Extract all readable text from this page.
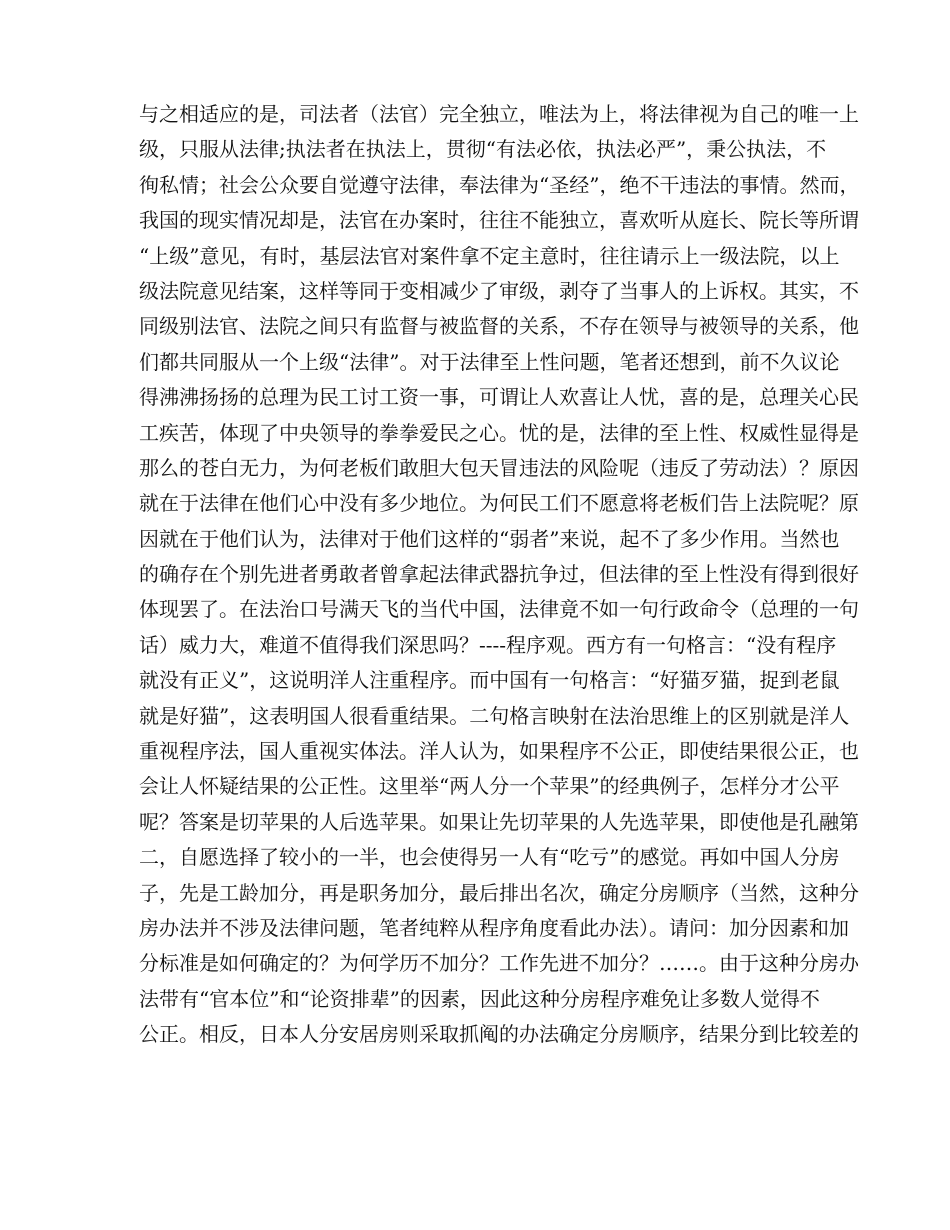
与之相适应的是，司法者（法官）完全独立，唯法为上，将法律视为自己的唯一上
级，只服从法律;执法者在执法上，贯彻“有法必依，执法必严”，秉公执法，不
徇私情；社会公众要自觉遵守法律，奉法律为“圣经”，绝不干违法的事情。然而，
我国的现实情况却是，法官在办案时，往往不能独立，喜欢听从庭长、院长等所谓
“上级”意见，有时，基层法官对案件拿不定主意时，往往请示上一级法院，以上
级法院意见结案，这样等同于变相减少了审级，剥夺了当事人的上诉权。其实，不
同级别法官、法院之间只有监督与被监督的关系，不存在领导与被领导的关系，他
们都共同服从一个上级“法律”。对于法律至上性问题，笔者还想到，前不久议论
得沸沸扬扬的总理为民工讨工资一事，可谓让人欢喜让人忧，喜的是，总理关心民
工疾苦，体现了中央领导的拳拳爱民之心。忧的是，法律的至上性、权威性显得是
那么的苍白无力，为何老板们敢胆大包天冒违法的风险呢（违反了劳动法）？原因
就在于法律在他们心中没有多少地位。为何民工们不愿意将老板们告上法院呢？原
因就在于他们认为，法律对于他们这样的“弱者”来说，起不了多少作用。当然也
的确存在个别先进者勇敢者曾拿起法律武器抗争过，但法律的至上性没有得到很好
体现罢了。在法治口号满天飞的当代中国，法律竟不如一句行政命令（总理的一句
话）威力大，难道不值得我们深思吗？----程序观。西方有一句格言：“没有程序
就没有正义”，这说明洋人注重程序。而中国有一句格言：“好猫歹猫，捉到老鼠
就是好猫”，这表明国人很看重结果。二句格言映射在法治思维上的区别就是洋人
重视程序法，国人重视实体法。洋人认为，如果程序不公正，即使结果很公正，也
会让人怀疑结果的公正性。这里举“两人分一个苹果”的经典例子，怎样分才公平
呢？答案是切苹果的人后选苹果。如果让先切苹果的人先选苹果，即使他是孔融第
二，自愿选择了较小的一半，也会使得另一人有“吃亏”的感觉。再如中国人分房
子，先是工龄加分，再是职务加分，最后排出名次，确定分房顺序（当然，这种分
房办法并不涉及法律问题，笔者纯粹从程序角度看此办法）。请问：加分因素和加
分标准是如何确定的？为何学历不加分？工作先进不加分？……。由于这种分房办
法带有“官本位”和“论资排辈”的因素，因此这种分房程序难免让多数人觉得不
公正。相反，日本人分安居房则采取抓阄的办法确定分房顺序，结果分到比较差的
